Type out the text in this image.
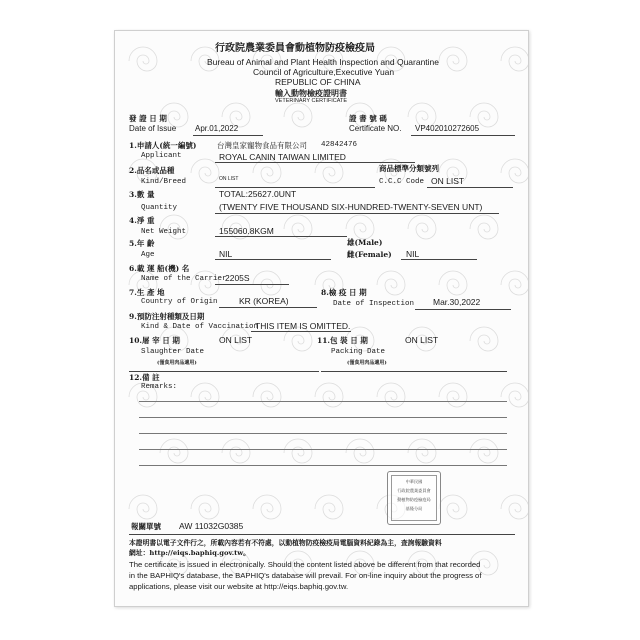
行政院農業委員會動植物防疫檢疫局
Bureau of Animal and Plant Health Inspection and Quarantine
Council of Agriculture,Executive Yuan
REPUBLIC OF CHINA
輸入動物檢疫證明書
VETERINARY CERTIFICATE
發 證 日 期
Date of Issue Apr.01,2022
證 書 號 碼
Certificate NO. VP402010272605
1.申請人(統一編號)	台灣皇家寵物食品有限公司 42842476
Applicant	ROYAL CANIN TAIWAN LIMITED
2.品名或品種	商品標準分類號列
Kind/Breed	ON LIST	C.C.C Code ON LIST
3.數 量	TOTAL:25627.0UNT
Quantity	(TWENTY FIVE THOUSAND SIX-HUNDRED-TWENTY-SEVEN UNT)
4.淨 重
Net Weight	155060.8KGM
5.年 齡	雄(Male)
Age	NIL	雌(Female) NIL
6.載 運 船(機) 名
2205S
Name of the Carrier
7.生 產 地	8.檢 疫 日 期
Country of Origin	KR (KOREA)	Date of Inspection Mar.30,2022
9.預防注射種類及日期
Kind & Date of Vaccination
THIS ITEM IS OMITTED.
10.屠 宰 日 期	ON LIST	11.包 裝 日 期	ON LIST
Slaughter Date	Packing Date
(僅食用肉品適用)	(僅食用肉品適用)
12.備 註
Remarks:
中華民國
行政院農業委員會
動植物防疫檢疫局
基隆分局
報關單號 AW 11032G0385
本證明書以電子文件行之，所載內容若有不符處，以動植物防疫檢疫局電腦資料紀錄為主，查詢報驗資料
網址：http://eiqs.baphiq.gov.tw。
The certificate is issued in electronically. Should the content listed above be different from that recorded
in the BAPHIQ's database, the BAPHIQ's database will prevail. For on-line inquiry about the progress of
applications, please visit our website at http://eiqs.baphiq.gov.tw.
